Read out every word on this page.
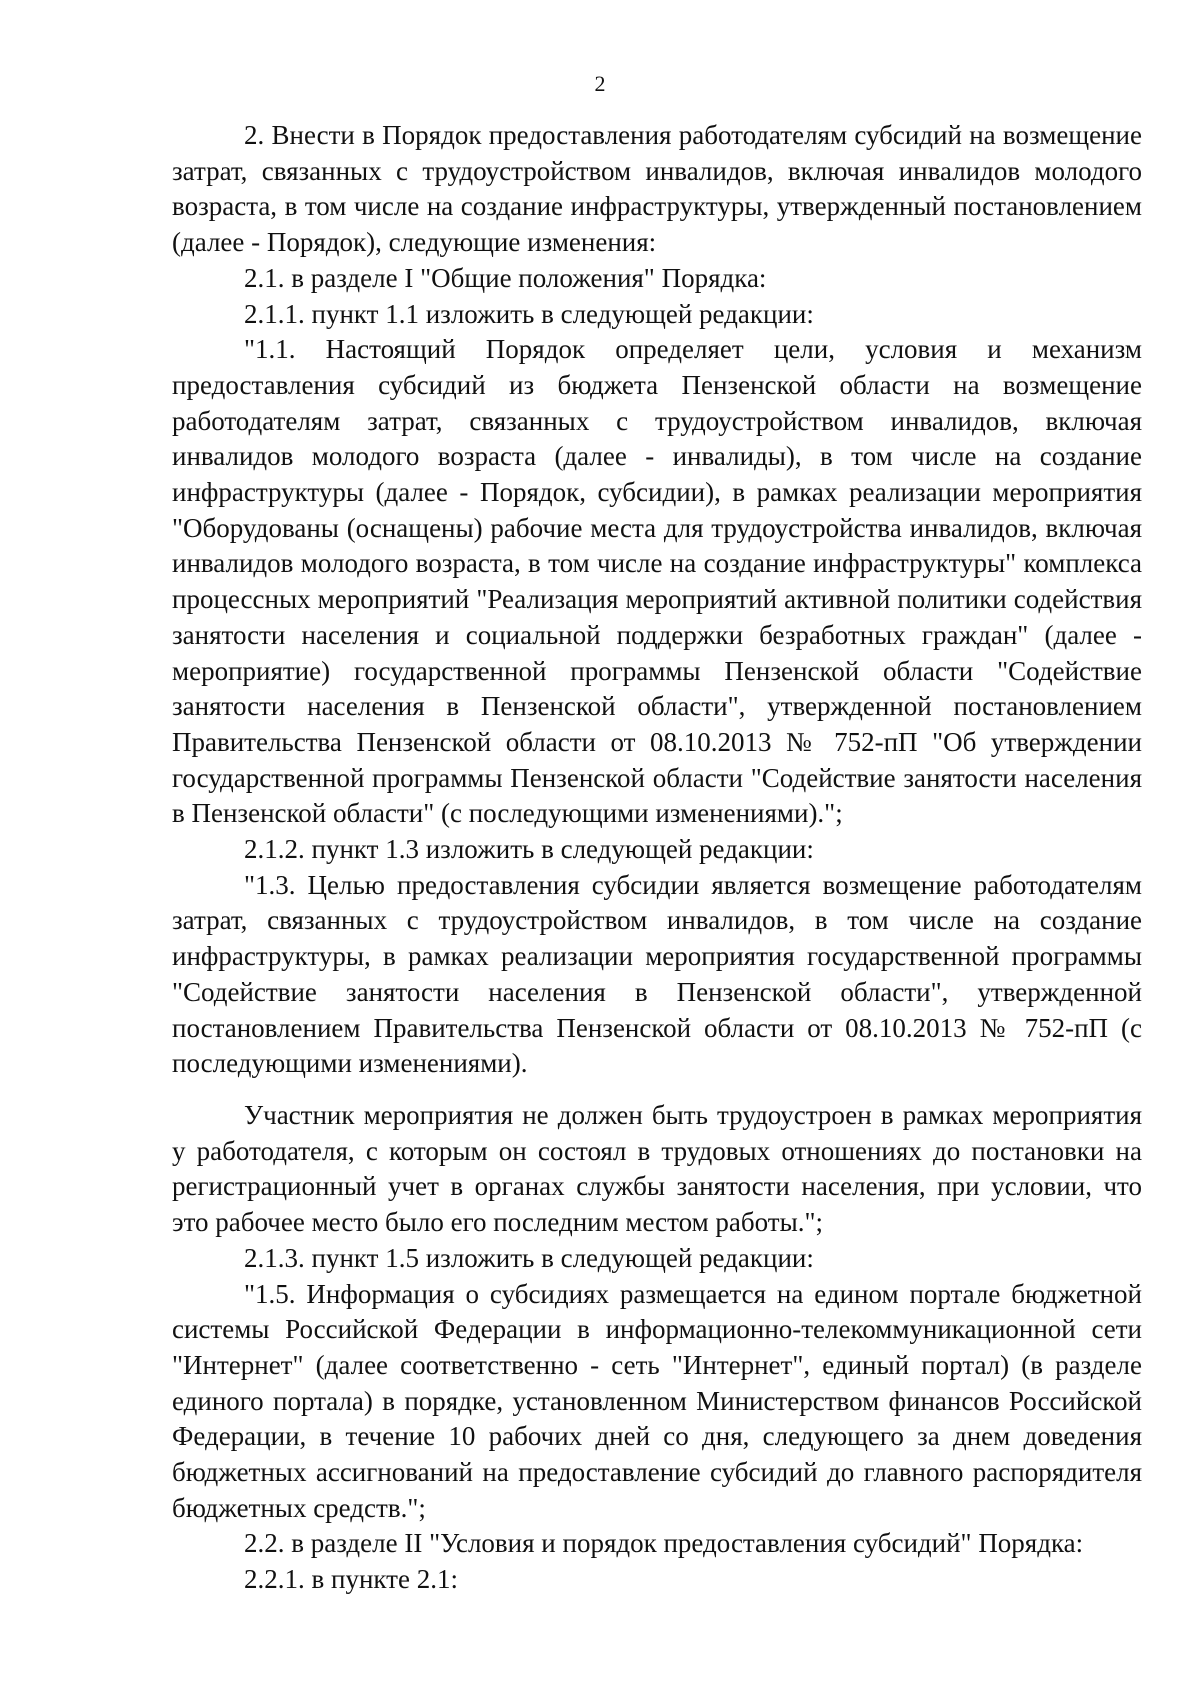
2

2. Внести в Порядок предоставления работодателям субсидий на возмещение затрат, связанных с трудоустройством инвалидов, включая инвалидов молодого возраста, в том числе на создание инфраструктуры, утвержденный постановлением (далее - Порядок), следующие изменения:

2.1. в разделе I "Общие положения" Порядка:

2.1.1. пункт 1.1 изложить в следующей редакции:

"1.1. Настоящий Порядок определяет цели, условия и механизм предоставления субсидий из бюджета Пензенской области на возмещение работодателям затрат, связанных с трудоустройством инвалидов, включая инвалидов молодого возраста (далее - инвалиды), в том числе на создание инфраструктуры (далее - Порядок, субсидии), в рамках реализации мероприятия "Оборудованы (оснащены) рабочие места для трудоустройства инвалидов, включая инвалидов молодого возраста, в том числе на создание инфраструктуры" комплекса процессных мероприятий "Реализация мероприятий активной политики содействия занятости населения и социальной поддержки безработных граждан" (далее - мероприятие) государственной программы Пензенской области "Содействие занятости населения в Пензенской области", утвержденной постановлением Правительства Пензенской области от 08.10.2013 № 752-пП "Об утверждении государственной программы Пензенской области "Содействие занятости населения в Пензенской области" (с последующими изменениями).";

2.1.2. пункт 1.3 изложить в следующей редакции:

"1.3. Целью предоставления субсидии является возмещение работодателям затрат, связанных с трудоустройством инвалидов, в том числе на создание инфраструктуры, в рамках реализации мероприятия государственной программы "Содействие занятости населения в Пензенской области", утвержденной постановлением Правительства Пензенской области от 08.10.2013 № 752-пП (с последующими изменениями).

Участник мероприятия не должен быть трудоустроен в рамках мероприятия у работодателя, с которым он состоял в трудовых отношениях до постановки на регистрационный учет в органах службы занятости населения, при условии, что это рабочее место было его последним местом работы.";

2.1.3. пункт 1.5 изложить в следующей редакции:

"1.5. Информация о субсидиях размещается на едином портале бюджетной системы Российской Федерации в информационно-телекоммуникационной сети "Интернет" (далее соответственно - сеть "Интернет", единый портал) (в разделе единого портала) в порядке, установленном Министерством финансов Российской Федерации, в течение 10 рабочих дней со дня, следующего за днем доведения бюджетных ассигнований на предоставление субсидий до главного распорядителя бюджетных средств.";

2.2. в разделе II "Условия и порядок предоставления субсидий" Порядка:

2.2.1. в пункте 2.1:
